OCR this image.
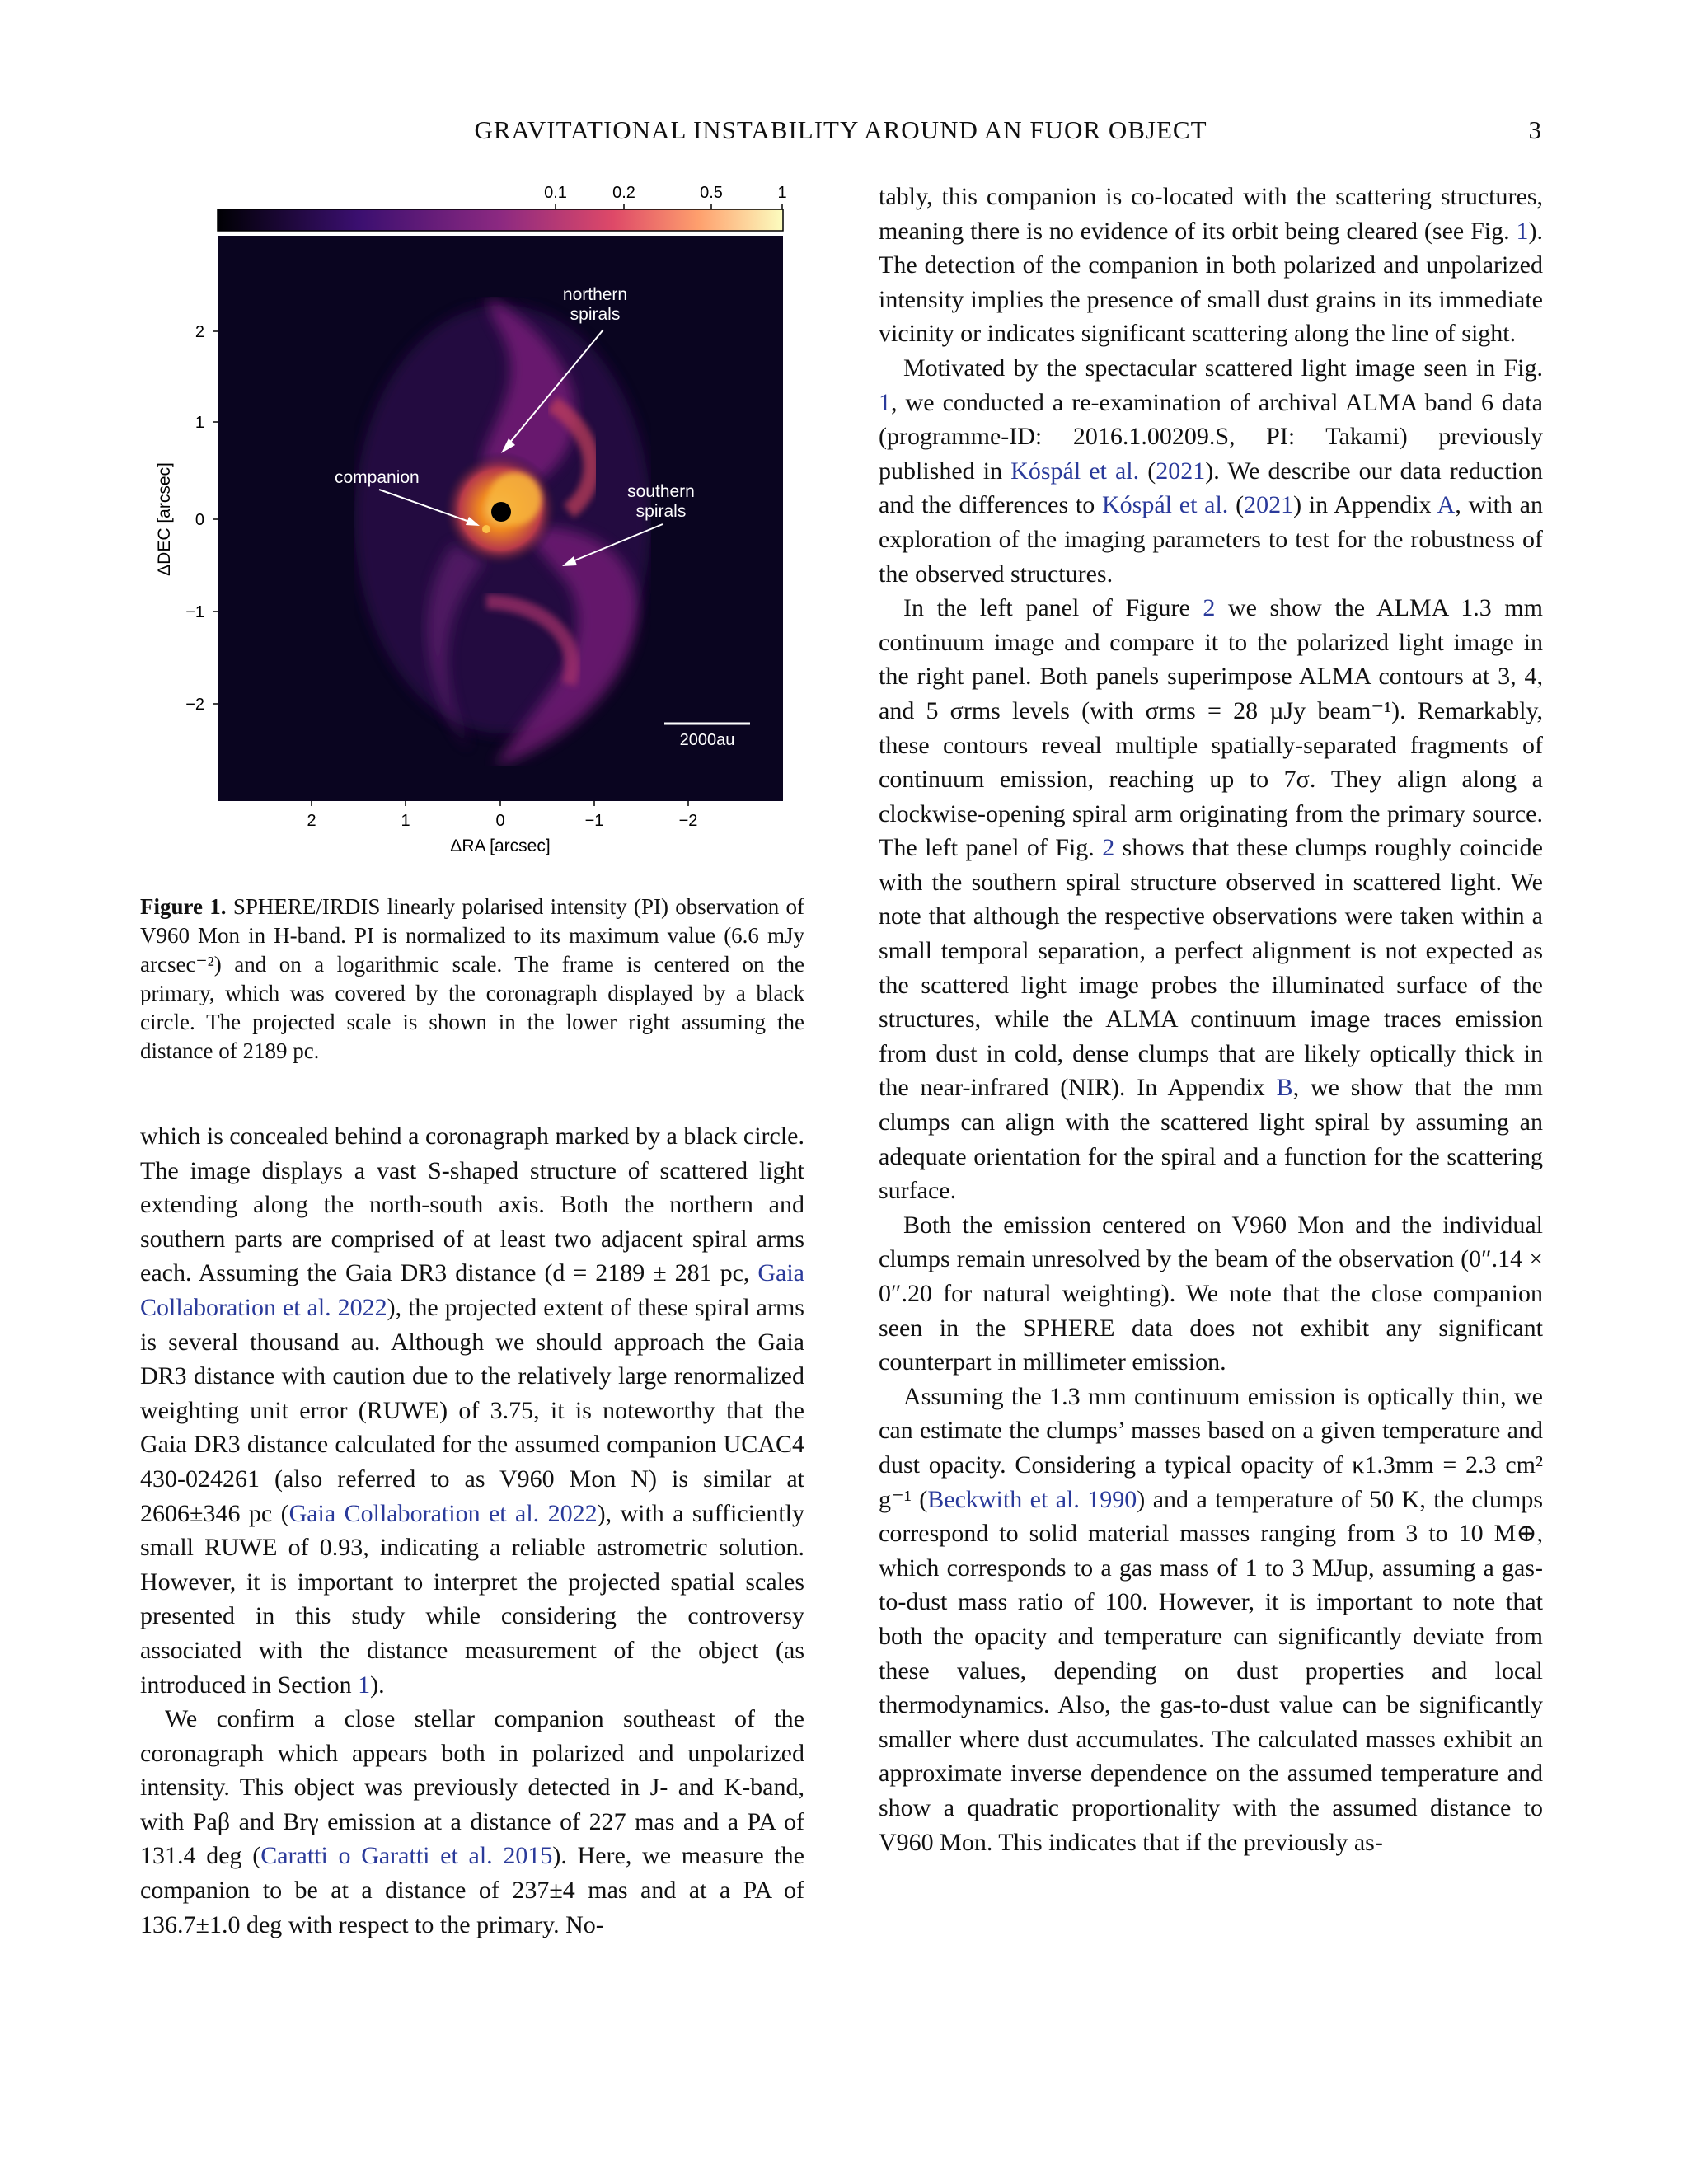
GRAVITATIONAL INSTABILITY AROUND AN FUOR OBJECT	3
0.1	0.2	0.5	1
northern
spirals
companion
southern
spirals
2000au
2
1
0
−1
−2
ΔDEC [arcsec]
2	1	0	−1	−2
ΔRA [arcsec]
Figure 1. SPHERE/IRDIS linearly polarised intensity (PI) observation of V960 Mon in H-band. PI is normalized to its maximum value (6.6 mJy arcsec⁻²) and on a logarithmic scale. The frame is centered on the primary, which was covered by the coronagraph displayed by a black circle. The projected scale is shown in the lower right assuming the distance of 2189 pc.

which is concealed behind a coronagraph marked by a black circle. The image displays a vast S-shaped structure of scattered light extending along the north-south axis. Both the northern and southern parts are comprised of at least two adjacent spiral arms each. Assuming the Gaia DR3 distance (d = 2189 ± 281 pc, Gaia Collaboration et al. 2022), the projected extent of these spiral arms is several thousand au. Although we should approach the Gaia DR3 distance with caution due to the relatively large renormalized weighting unit error (RUWE) of 3.75, it is noteworthy that the Gaia DR3 distance calculated for the assumed companion UCAC4 430-024261 (also referred to as V960 Mon N) is similar at 2606±346 pc (Gaia Collaboration et al. 2022), with a sufficiently small RUWE of 0.93, indicating a reliable astrometric solution. However, it is important to interpret the projected spatial scales presented in this study while considering the controversy associated with the distance measurement of the object (as introduced in Section 1).

We confirm a close stellar companion southeast of the coronagraph which appears both in polarized and unpolarized intensity. This object was previously detected in J- and K-band, with Paβ and Brγ emission at a distance of 227 mas and a PA of 131.4 deg (Caratti o Garatti et al. 2015). Here, we measure the companion to be at a distance of 237±4 mas and at a PA of 136.7±1.0 deg with respect to the primary. No-

tably, this companion is co-located with the scattering structures, meaning there is no evidence of its orbit being cleared (see Fig. 1). The detection of the companion in both polarized and unpolarized intensity implies the presence of small dust grains in its immediate vicinity or indicates significant scattering along the line of sight.

Motivated by the spectacular scattered light image seen in Fig. 1, we conducted a re-examination of archival ALMA band 6 data (programme-ID: 2016.1.00209.S, PI: Takami) previously published in Kóspál et al. (2021). We describe our data reduction and the differences to Kóspál et al. (2021) in Appendix A, with an exploration of the imaging parameters to test for the robustness of the observed structures.

In the left panel of Figure 2 we show the ALMA 1.3 mm continuum image and compare it to the polarized light image in the right panel. Both panels superimpose ALMA contours at 3, 4, and 5 σrms levels (with σrms = 28 µJy beam⁻¹). Remarkably, these contours reveal multiple spatially-separated fragments of continuum emission, reaching up to 7σ. They align along a clockwise-opening spiral arm originating from the primary source. The left panel of Fig. 2 shows that these clumps roughly coincide with the southern spiral structure observed in scattered light. We note that although the respective observations were taken within a small temporal separation, a perfect alignment is not expected as the scattered light image probes the illuminated surface of the structures, while the ALMA continuum image traces emission from dust in cold, dense clumps that are likely optically thick in the near-infrared (NIR). In Appendix B, we show that the mm clumps can align with the scattered light spiral by assuming an adequate orientation for the spiral and a function for the scattering surface.

Both the emission centered on V960 Mon and the individual clumps remain unresolved by the beam of the observation (0″.14 × 0″.20 for natural weighting). We note that the close companion seen in the SPHERE data does not exhibit any significant counterpart in millimeter emission.

Assuming the 1.3 mm continuum emission is optically thin, we can estimate the clumps’ masses based on a given temperature and dust opacity. Considering a typical opacity of κ1.3mm = 2.3 cm² g⁻¹ (Beckwith et al. 1990) and a temperature of 50 K, the clumps correspond to solid material masses ranging from 3 to 10 M⊕, which corresponds to a gas mass of 1 to 3 MJup, assuming a gas-to-dust mass ratio of 100. However, it is important to note that both the opacity and temperature can significantly deviate from these values, depending on dust properties and local thermodynamics. Also, the gas-to-dust value can be significantly smaller where dust accumulates. The calculated masses exhibit an approximate inverse dependence on the assumed temperature and show a quadratic proportionality with the assumed distance to V960 Mon. This indicates that if the previously as-
